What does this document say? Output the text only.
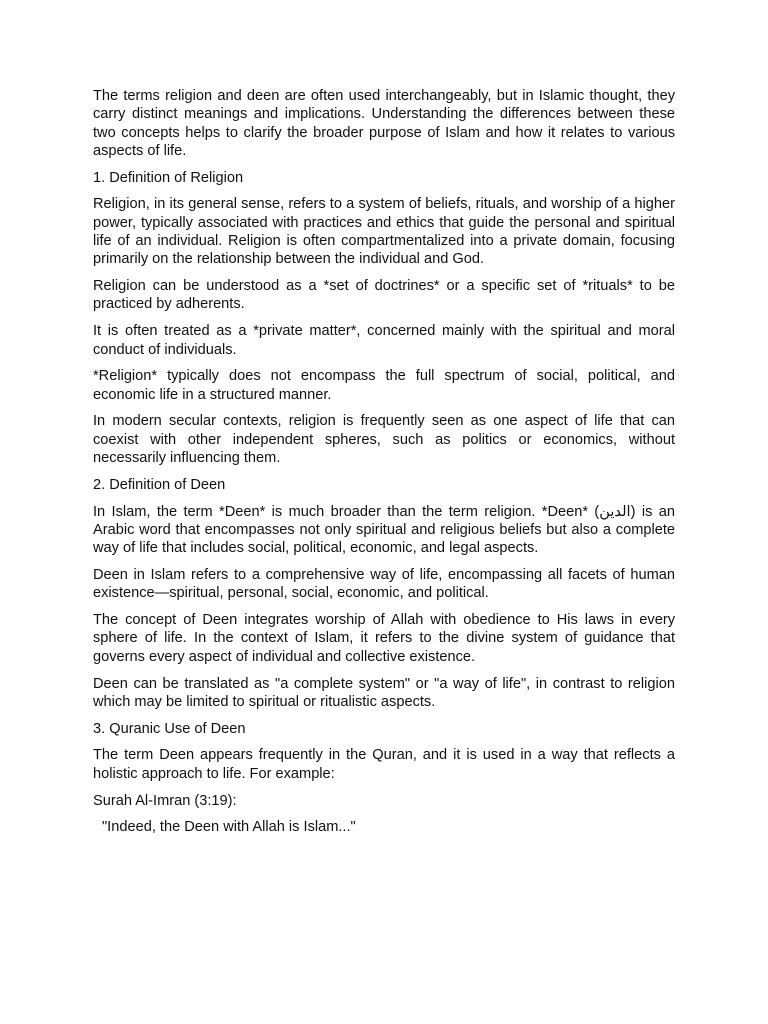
The terms religion and deen are often used interchangeably, but in Islamic thought, they carry distinct meanings and implications. Understanding the differences between these two concepts helps to clarify the broader purpose of Islam and how it relates to various aspects of life.

1. Definition of Religion

Religion, in its general sense, refers to a system of beliefs, rituals, and worship of a higher power, typically associated with practices and ethics that guide the personal and spiritual life of an individual. Religion is often compartmentalized into a private domain, focusing primarily on the relationship between the individual and God.

Religion can be understood as a *set of doctrines* or a specific set of *rituals* to be practiced by adherents.

It is often treated as a *private matter*, concerned mainly with the spiritual and moral conduct of individuals.

*Religion* typically does not encompass the full spectrum of social, political, and economic life in a structured manner.

In modern secular contexts, religion is frequently seen as one aspect of life that can coexist with other independent spheres, such as politics or economics, without necessarily influencing them.

2. Definition of Deen

In Islam, the term *Deen* is much broader than the term religion. *Deen* (الدين) is an Arabic word that encompasses not only spiritual and religious beliefs but also a complete way of life that includes social, political, economic, and legal aspects.

Deen in Islam refers to a comprehensive way of life, encompassing all facets of human existence—spiritual, personal, social, economic, and political.

The concept of Deen integrates worship of Allah with obedience to His laws in every sphere of life. In the context of Islam, it refers to the divine system of guidance that governs every aspect of individual and collective existence.

Deen can be translated as "a complete system" or "a way of life", in contrast to religion which may be limited to spiritual or ritualistic aspects.

3. Quranic Use of Deen

The term Deen appears frequently in the Quran, and it is used in a way that reflects a holistic approach to life. For example:

Surah Al-Imran (3:19):

"Indeed, the Deen with Allah is Islam..."
